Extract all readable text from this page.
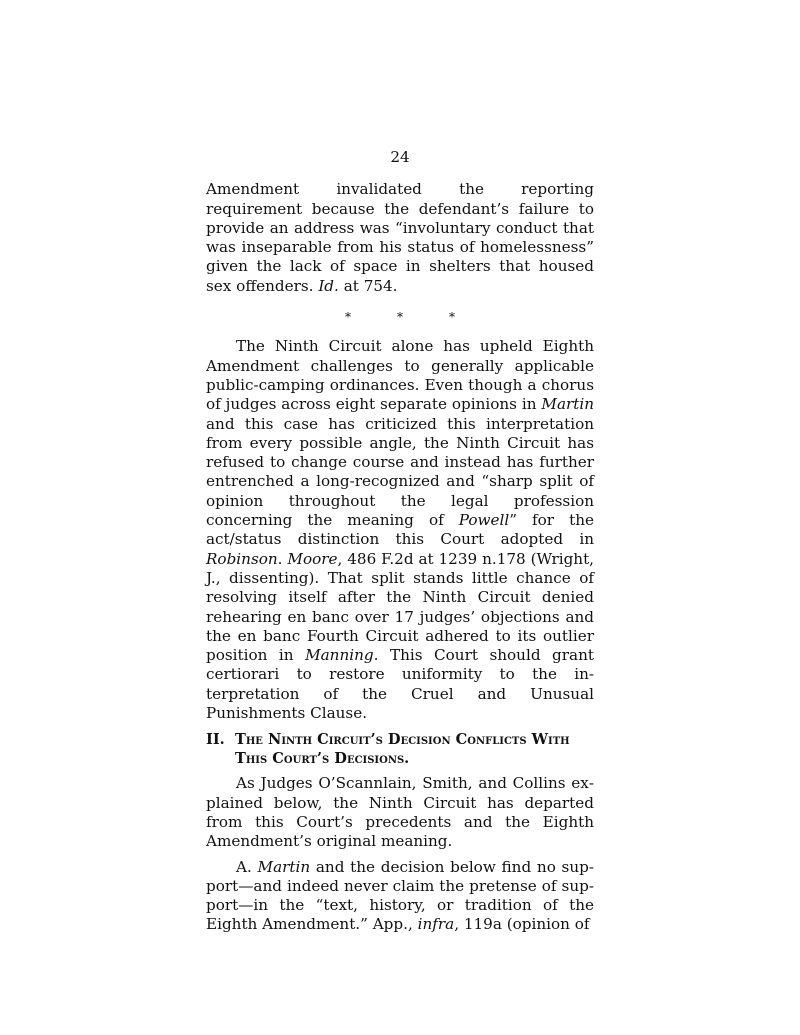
24

Amendment invalidated the reporting requirement because the defendant’s failure to provide an address was “involuntary conduct that was inseparable from his status of homelessness” given the lack of space in shelters that housed sex offenders. Id. at 754.

*	*	*

The Ninth Circuit alone has upheld Eighth Amendment challenges to generally applicable public-camping ordinances. Even though a chorus of judges across eight separate opinions in Martin and this case has criticized this interpretation from every possible angle, the Ninth Circuit has refused to change course and instead has further entrenched a long-recognized and “sharp split of opinion throughout the legal profession concerning the meaning of Powell” for the act/status distinction this Court adopted in Robinson. Moore, 486 F.2d at 1239 n.178 (Wright, J., dissenting). That split stands little chance of resolving itself after the Ninth Circuit denied rehearing en banc over 17 judges’ objections and the en banc Fourth Circuit adhered to its outlier position in Manning. This Court should grant certiorari to restore uniformity to the interpretation of the Cruel and Unusual Punishments Clause.

II. The Ninth Circuit’s Decision Conflicts With This Court’s Decisions.

As Judges O’Scannlain, Smith, and Collins explained below, the Ninth Circuit has departed from this Court’s precedents and the Eighth Amendment’s original meaning.

A. Martin and the decision below find no support—and indeed never claim the pretense of support—in the “text, history, or tradition of the Eighth Amendment.” App., infra, 119a (opinion of
